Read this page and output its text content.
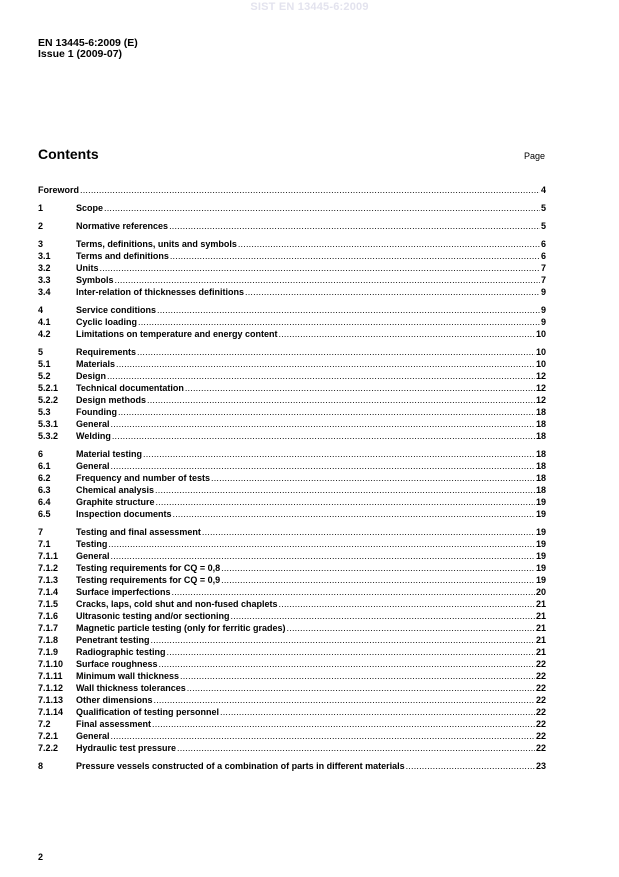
SIST EN 13445-6:2009
EN 13445-6:2009 (E)
Issue 1 (2009-07)
Contents	Page
Foreword .....	4
1	Scope .....	5
2	Normative references .....	5
3	Terms, definitions, units and symbols .....	6
3.1	Terms and definitions .....	6
3.2	Units .....	7
3.3	Symbols .....	7
3.4	Inter-relation of thicknesses definitions .....	9
4	Service conditions .....	9
4.1	Cyclic loading .....	9
4.2	Limitations on temperature and energy content .....	10
5	Requirements .....	10
5.1	Materials .....	10
5.2	Design .....	12
5.2.1	Technical documentation .....	12
5.2.2	Design methods .....	12
5.3	Founding .....	18
5.3.1	General .....	18
5.3.2	Welding .....	18
6	Material testing .....	18
6.1	General .....	18
6.2	Frequency and number of tests .....	18
6.3	Chemical analysis .....	18
6.4	Graphite structure .....	19
6.5	Inspection documents .....	19
7	Testing and final assessment .....	19
7.1	Testing .....	19
7.1.1	General .....	19
7.1.2	Testing requirements for CQ = 0,8 .....	19
7.1.3	Testing requirements for CQ = 0,9 .....	19
7.1.4	Surface imperfections .....	20
7.1.5	Cracks, laps, cold shut and non-fused chaplets .....	21
7.1.6	Ultrasonic testing and/or sectioning .....	21
7.1.7	Magnetic particle testing (only for ferritic grades) .....	21
7.1.8	Penetrant testing .....	21
7.1.9	Radiographic testing .....	21
7.1.10	Surface roughness .....	22
7.1.11	Minimum wall thickness .....	22
7.1.12	Wall thickness tolerances .....	22
7.1.13	Other dimensions .....	22
7.1.14	Qualification of testing personnel .....	22
7.2	Final assessment .....	22
7.2.1	General .....	22
7.2.2	Hydraulic test pressure .....	22
8	Pressure vessels constructed of a combination of parts in different materials .....	23
2
